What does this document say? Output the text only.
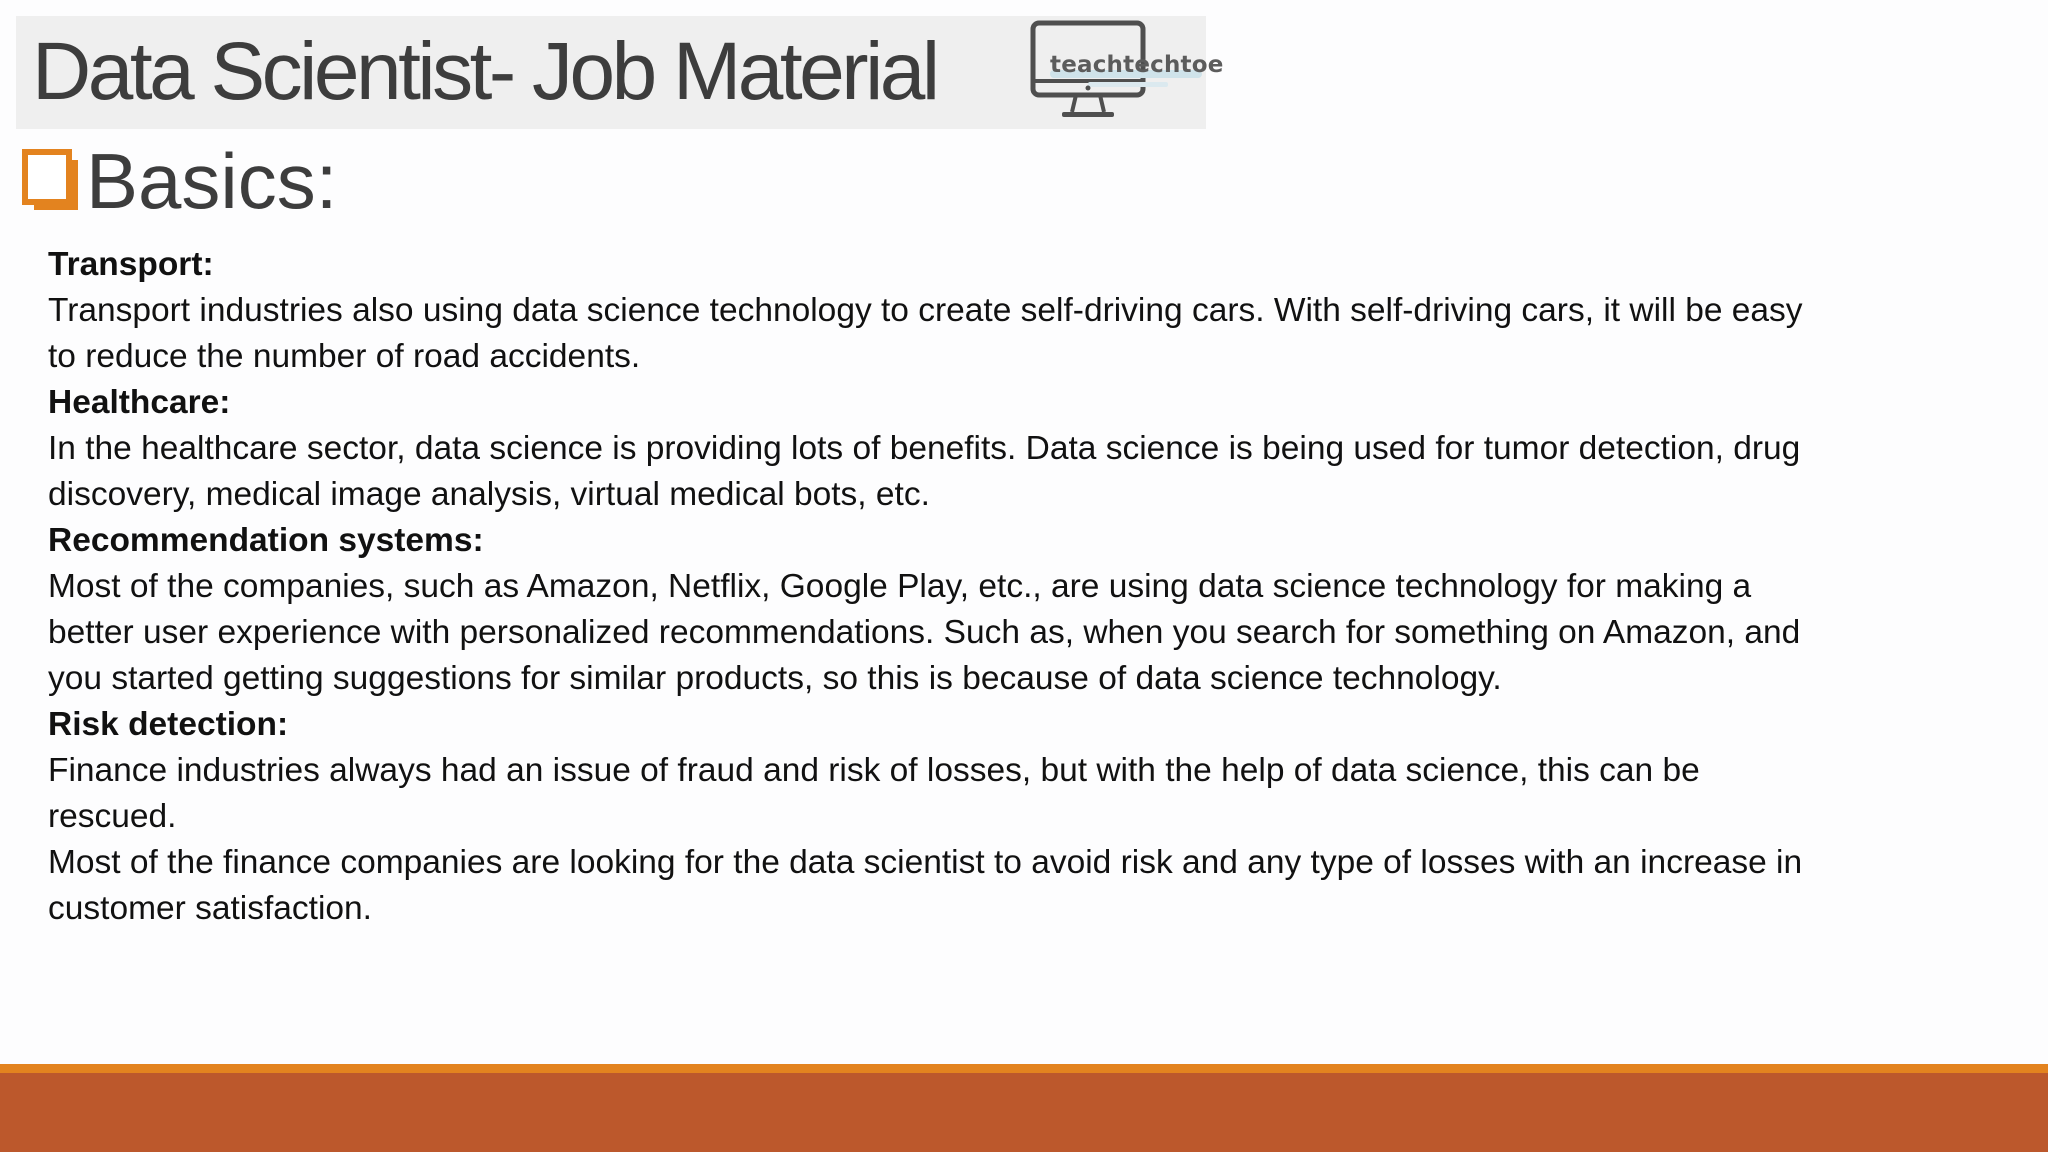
Data Scientist- Job Material	teachtechtoe
Basics:

Transport:

Transport industries also using data science technology to create self-driving cars. With self-driving cars, it will be easy

to reduce the number of road accidents.

Healthcare:

In the healthcare sector, data science is providing lots of benefits. Data science is being used for tumor detection, drug

discovery, medical image analysis, virtual medical bots, etc.

Recommendation systems:

Most of the companies, such as Amazon, Netflix, Google Play, etc., are using data science technology for making a

better user experience with personalized recommendations. Such as, when you search for something on Amazon, and

you started getting suggestions for similar products, so this is because of data science technology.

Risk detection:

Finance industries always had an issue of fraud and risk of losses, but with the help of data science, this can be

rescued.

Most of the finance companies are looking for the data scientist to avoid risk and any type of losses with an increase in

customer satisfaction.
